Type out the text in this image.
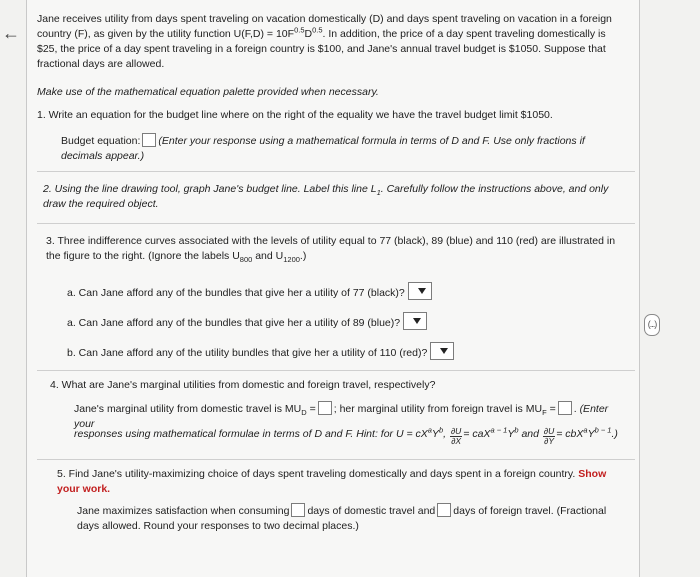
←
Jane receives utility from days spent traveling on vacation domestically (D) and days spent traveling on vacation in a foreign country (F), as given by the utility function $U(F,D) = 10F^{0.5}D^{0.5}$. In addition, the price of a day spent traveling domestically is $25, the price of a day spent traveling in a foreign country is $100, and Jane's annual travel budget is $1050. Suppose that fractional days are allowed.
Make use of the mathematical equation palette provided when necessary.
1. Write an equation for the budget line where on the right of the equality we have the travel budget limit $1050.
Budget equation: (Enter your response using a mathematical formula in terms of D and F. Use only fractions if decimals appear.)
2. Using the line drawing tool, graph Jane's budget line. Label this line $L_1$. Carefully follow the instructions above, and only draw the required object.
3. Three indifference curves associated with the levels of utility equal to 77 (black), 89 (blue) and 110 (red) are illustrated in the figure to the right. (Ignore the labels $U_{800}$ and $U_{1200}$.)
a. Can Jane afford any of the bundles that give her a utility of 77 (black)?
a. Can Jane afford any of the bundles that give her a utility of 89 (blue)?
b. Can Jane afford any of the utility bundles that give her a utility of 110 (red)?
4. What are Jane's marginal utilities from domestic and foreign travel, respectively?
Jane's marginal utility from domestic travel is $MU_D$ = ; her marginal utility from foreign travel is $MU_F$ = . (Enter your
responses using mathematical formulae in terms of D and F. Hint: for $U = cX^aY^b$, $\frac{\partial U}{\partial X} = caX^{a - 1}Y^b$ and $\frac{\partial U}{\partial Y} = cbX^aY^{b - 1}$.)
5. Find Jane's utility-maximizing choice of days spent traveling domestically and days spent in a foreign country. Show your work.
Jane maximizes satisfaction when consuming days of domestic travel and days of foreign travel. (Fractional days allowed. Round your responses to two decimal places.)
(...)
